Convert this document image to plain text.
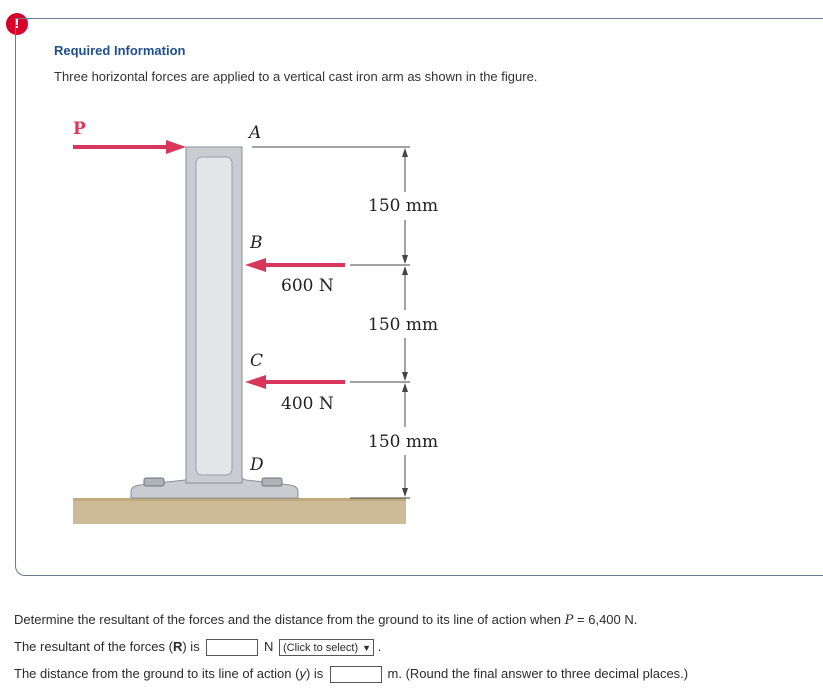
!
Required Information
Three horizontal forces are applied to a vertical cast iron arm as shown in the figure.
P	A
B
C
D
600 N
400 N
150 mm
150 mm
150 mm
Determine the resultant of the forces and the distance from the ground to its line of action when P = 6,400 N.
The resultant of the forces (R) is	N (Click to select) ▼ .
The distance from the ground to its line of action (y) is	m. (Round the final answer to three decimal places.)
